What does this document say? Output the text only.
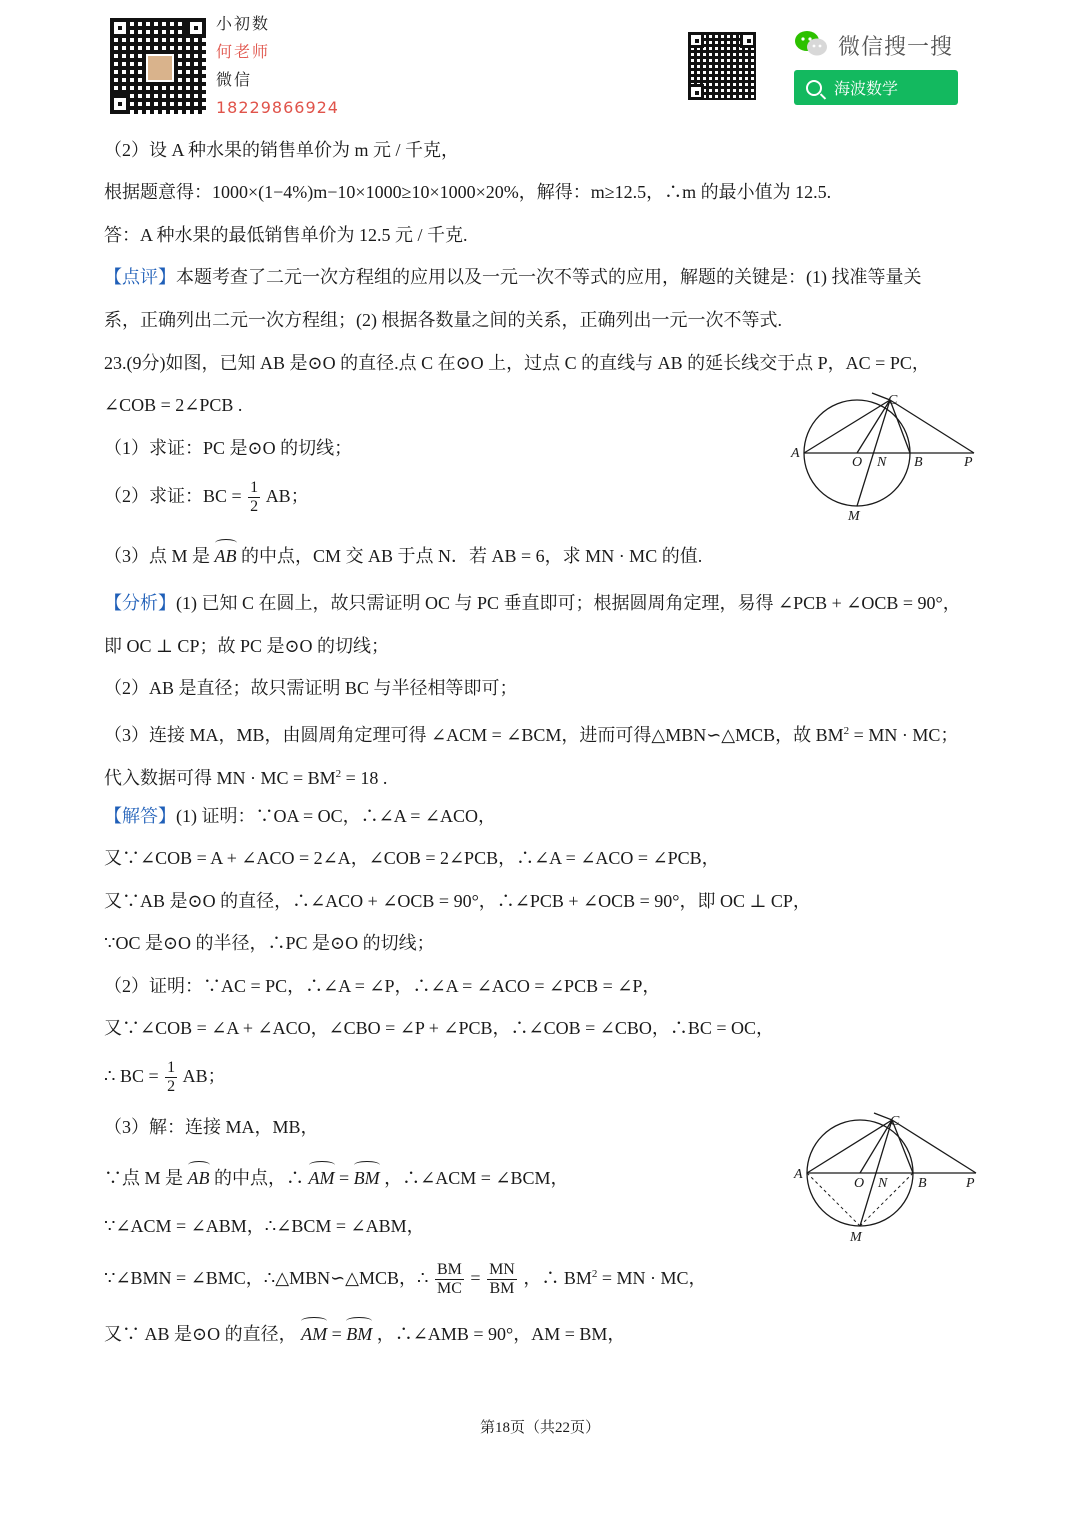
小初数
何老师
微信
18229866924
微信搜一搜
海波数学
（2）设 A 种水果的销售单价为 m 元 / 千克，
根据题意得：1000×(1−4%)m−10×1000≥10×1000×20%，解得：m≥12.5，∴m 的最小值为 12.5.
答：A 种水果的最低销售单价为 12.5 元 / 千克.
【点评】本题考查了二元一次方程组的应用以及一元一次不等式的应用，解题的关键是：(1) 找准等量关
系，正确列出二元一次方程组；(2) 根据各数量之间的关系，正确列出一元一次不等式.
23.(9分)如图，已知 AB 是⊙O 的直径.点 C 在⊙O 上，过点 C 的直线与 AB 的延长线交于点 P，AC = PC，
∠COB = 2∠PCB .
（1）求证：PC 是⊙O 的切线；
（2）求证：BC = $\frac{1}{2}$ AB；
（3）点 M 是 AB 的中点，CM 交 AB 于点 N．若 AB = 6，求 MN · MC 的值.
【分析】(1) 已知 C 在圆上，故只需证明 OC 与 PC 垂直即可；根据圆周角定理，易得 ∠PCB + ∠OCB = 90°，
即 OC ⊥ CP；故 PC 是⊙O 的切线；
（2）AB 是直径；故只需证明 BC 与半径相等即可；
（3）连接 MA，MB，由圆周角定理可得 ∠ACM = ∠BCM，进而可得△MBN∽△MCB，故 $BM^2$ = MN · MC；
代入数据可得 MN · MC = $BM^2 = 18$ .
【解答】(1) 证明：∵OA = OC，∴∠A = ∠ACO，
又∵∠COB = A + ∠ACO = 2∠A，∠COB = 2∠PCB，∴∠A = ∠ACO = ∠PCB，
又∵AB 是⊙O 的直径，∴∠ACO + ∠OCB = 90°，∴∠PCB + ∠OCB = 90°，即 OC ⊥ CP，
∵OC 是⊙O 的半径，∴PC 是⊙O 的切线；
（2）证明：∵AC = PC，∴∠A = ∠P，∴∠A = ∠ACO = ∠PCB = ∠P，
又∵∠COB = ∠A + ∠ACO，∠CBO = ∠P + ∠PCB，∴∠COB = ∠CBO，∴BC = OC，
∴ BC = $\frac{1}{2}$ AB；
（3）解：连接 MA，MB，
∵点 M 是 AB 的中点，∴ AM = BM ，∴∠ACM = ∠BCM，
∵∠ACM = ∠ABM，∴∠BCM = ∠ABM，
∵∠BMN = ∠BMC，∴△MBN∽△MCB，∴ $\frac{BM}{MC} = \frac{MN}{BM}$ ，∴ $BM^2$ = MN · MC，
又∵ AB 是⊙O 的直径， AM = BM ，∴∠AMB = 90°，AM = BM，
A
O N B	P
C
M
A
O N B	P
C
M
第18页（共22页）
